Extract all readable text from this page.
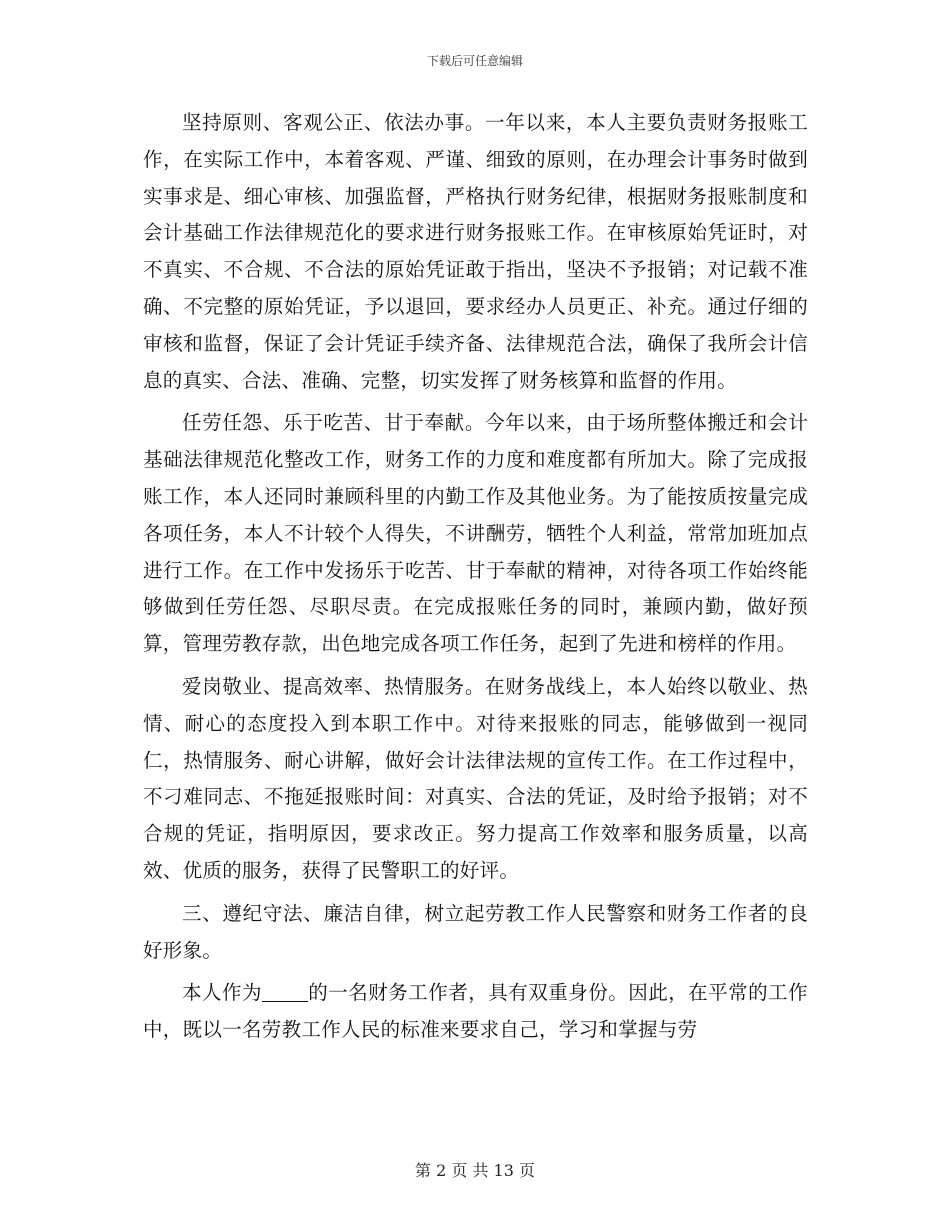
下载后可任意编辑

坚持原则、客观公正、依法办事。一年以来，本人主要负责财务报账工作，在实际工作中，本着客观、严谨、细致的原则，在办理会计事务时做到实事求是、细心审核、加强监督，严格执行财务纪律，根据财务报账制度和会计基础工作法律规范化的要求进行财务报账工作。在审核原始凭证时，对不真实、不合规、不合法的原始凭证敢于指出，坚决不予报销；对记载不准确、不完整的原始凭证，予以退回，要求经办人员更正、补充。通过仔细的审核和监督，保证了会计凭证手续齐备、法律规范合法，确保了我所会计信息的真实、合法、准确、完整，切实发挥了财务核算和监督的作用。

任劳任怨、乐于吃苦、甘于奉献。今年以来，由于场所整体搬迁和会计基础法律规范化整改工作，财务工作的力度和难度都有所加大。除了完成报账工作，本人还同时兼顾科里的内勤工作及其他业务。为了能按质按量完成各项任务，本人不计较个人得失，不讲酬劳，牺牲个人利益，常常加班加点进行工作。在工作中发扬乐于吃苦、甘于奉献的精神，对待各项工作始终能够做到任劳任怨、尽职尽责。在完成报账任务的同时，兼顾内勤，做好预算，管理劳教存款，出色地完成各项工作任务，起到了先进和榜样的作用。

爱岗敬业、提高效率、热情服务。在财务战线上，本人始终以敬业、热情、耐心的态度投入到本职工作中。对待来报账的同志，能够做到一视同仁，热情服务、耐心讲解，做好会计法律法规的宣传工作。在工作过程中，不刁难同志、不拖延报账时间：对真实、合法的凭证，及时给予报销；对不合规的凭证，指明原因，要求改正。努力提高工作效率和服务质量，以高效、优质的服务，获得了民警职工的好评。

三、遵纪守法、廉洁自律，树立起劳教工作人民警察和财务工作者的良好形象。

本人作为 的一名财务工作者，具有双重身份。因此，在平常的工作中，既以一名劳教工作人民的标准来要求自己，学习和掌握与劳

第 2 页 共 13 页
